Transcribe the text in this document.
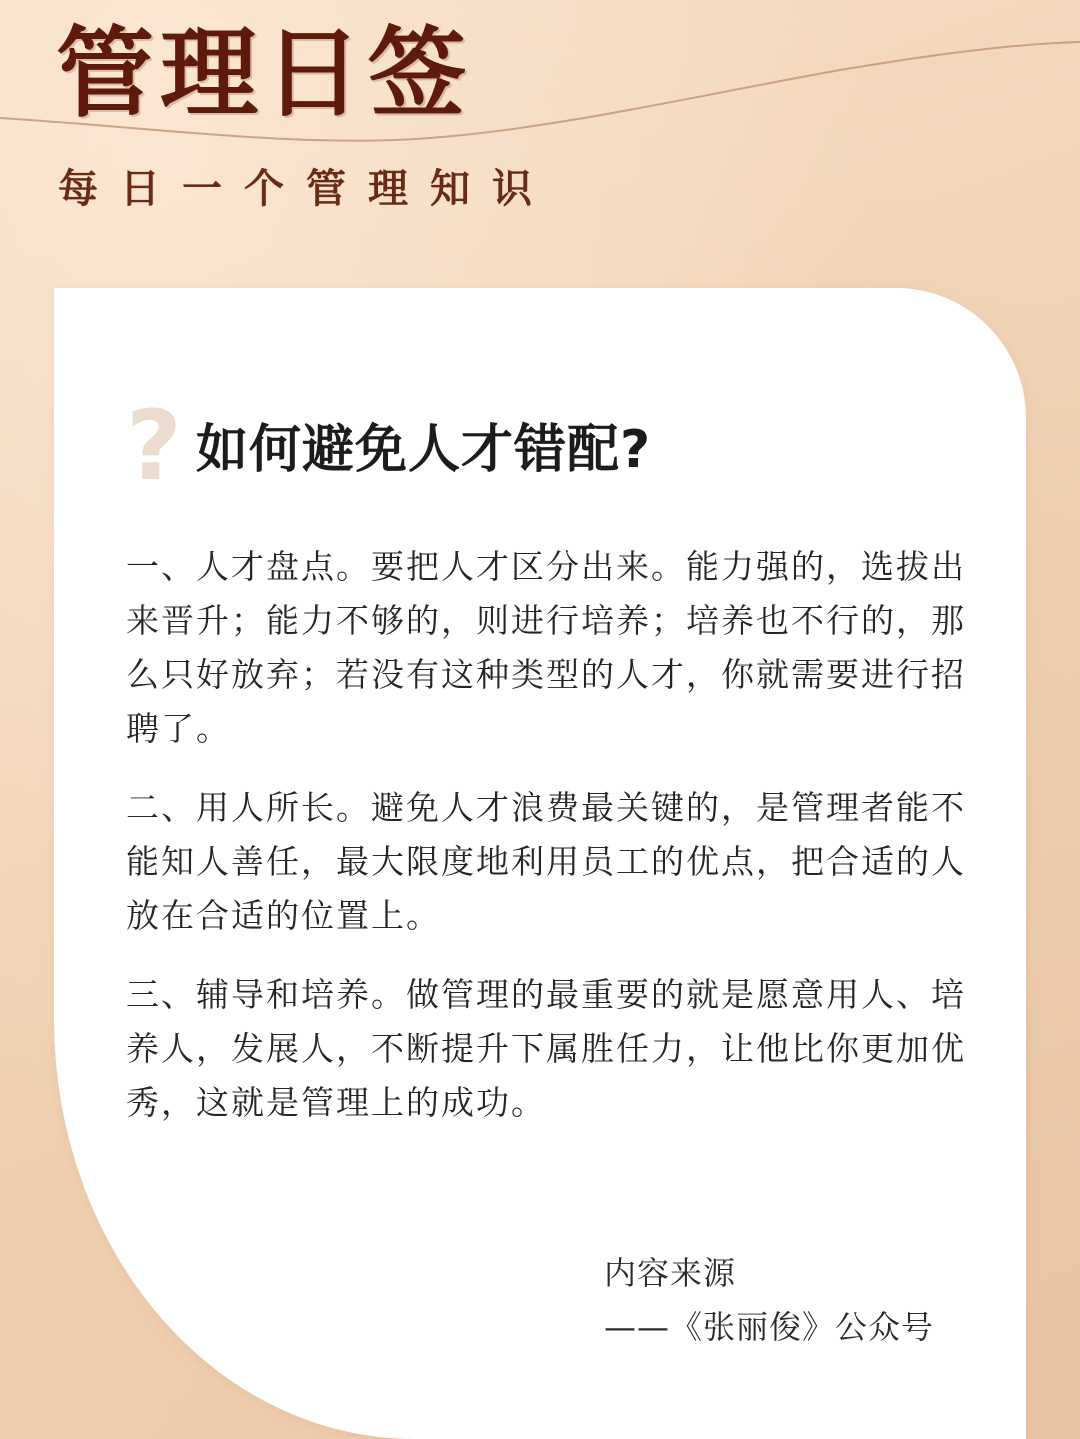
管理日签

每日一个管理知识

? 如何避免人才错配?

一、人才盘点。要把人才区分出来。能力强的，选拔出来晋升；能力不够的，则进行培养；培养也不行的，那么只好放弃；若没有这种类型的人才，你就需要进行招聘了。

二、用人所长。避免人才浪费最关键的，是管理者能不能知人善任，最大限度地利用员工的优点，把合适的人放在合适的位置上。

三、辅导和培养。做管理的最重要的就是愿意用人、培养人，发展人，不断提升下属胜任力，让他比你更加优秀，这就是管理上的成功。

内容来源
——《张丽俊》公众号
